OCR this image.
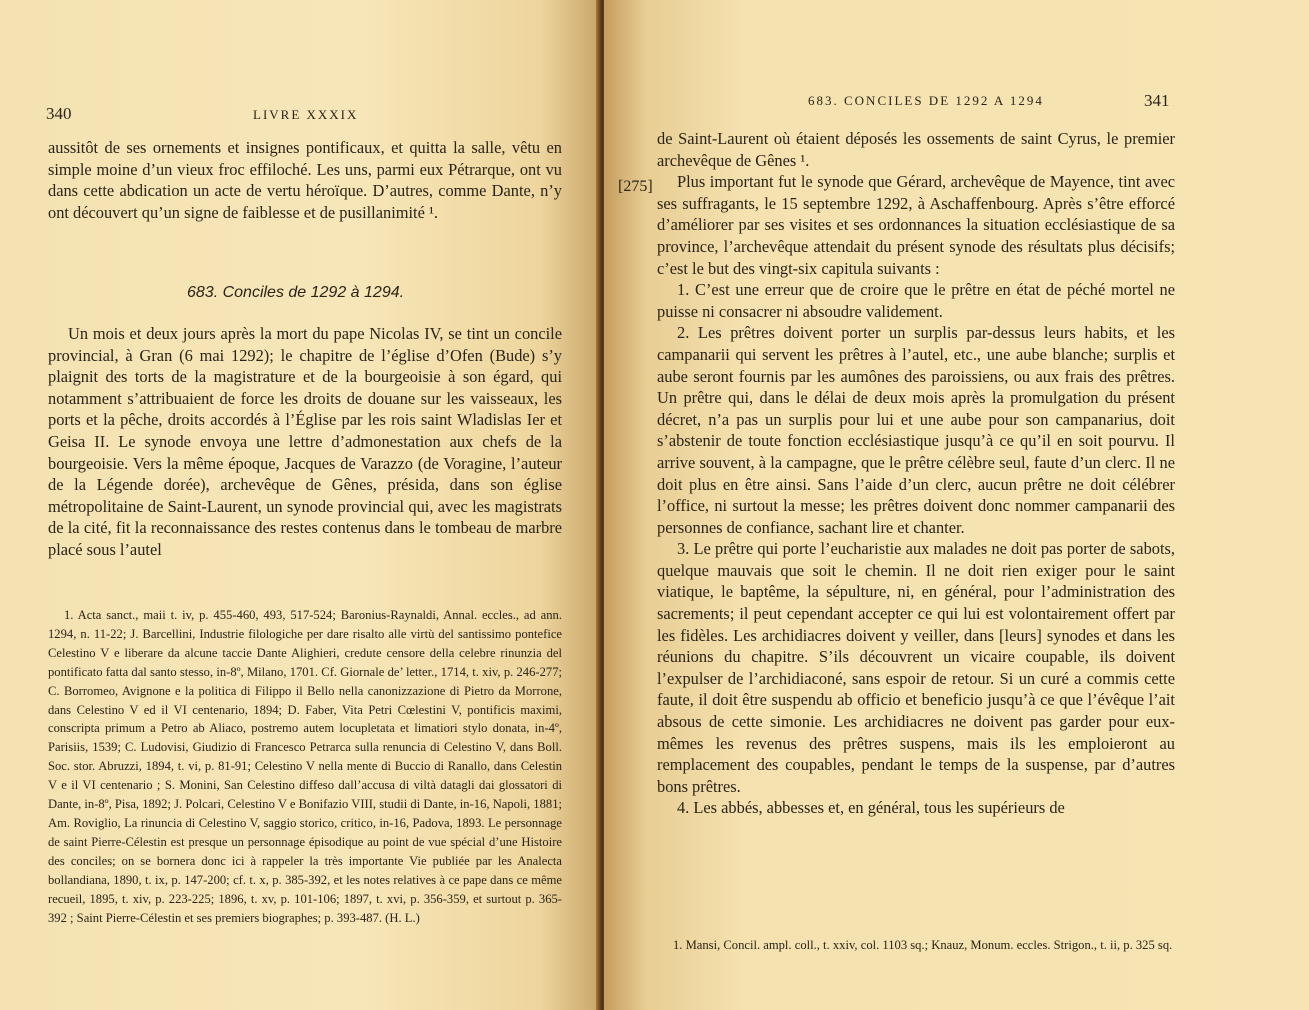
340	LIVRE XXXIX

aussitôt de ses ornements et insignes pontificaux, et quitta la salle, vêtu en simple moine d’un vieux froc effiloché. Les uns, parmi eux Pétrarque, ont vu dans cette abdication un acte de vertu héroïque. D’autres, comme Dante, n’y ont découvert qu’un signe de faiblesse et de pusillanimité ¹.

683. Conciles de 1292 à 1294.

Un mois et deux jours après la mort du pape Nicolas IV, se tint un concile provincial, à Gran (6 mai 1292); le chapitre de l’église d’Ofen (Bude) s’y plaignit des torts de la magistrature et de la bourgeoisie à son égard, qui notamment s’attribuaient de force les droits de douane sur les vaisseaux, les ports et la pêche, droits accordés à l’Église par les rois saint Wladislas Ier et Geisa II. Le synode envoya une lettre d’admonestation aux chefs de la bourgeoisie. Vers la même époque, Jacques de Varazzo (de Voragine, l’auteur de la Légende dorée), archevêque de Gênes, présida, dans son église métropolitaine de Saint-Laurent, un synode provincial qui, avec les magistrats de la cité, fit la reconnaissance des restes contenus dans le tombeau de marbre placé sous l’autel

1. Acta sanct., maii t. iv, p. 455-460, 493, 517-524; Baronius-Raynaldi, Annal. eccles., ad ann. 1294, n. 11-22; J. Barcellini, Industrie filologiche per dare risalto alle virtù del santissimo pontefice Celestino V e liberare da alcune taccie Dante Alighieri, credute censore della celebre rinunzia del pontificato fatta dal santo stesso, in-8º, Milano, 1701. Cf. Giornale de’ letter., 1714, t. xiv, p. 246-277; C. Borromeo, Avignone e la politica di Filippo il Bello nella canonizzazione di Pietro da Morrone, dans Celestino V ed il VI centenario, 1894; D. Faber, Vita Petri Cœlestini V, pontificis maximi, conscripta primum a Petro ab Aliaco, postremo autem locupletata et limatiori stylo donata, in-4º, Parisiis, 1539; C. Ludovisi, Giudizio di Francesco Petrarca sulla renuncia di Celestino V, dans Boll. Soc. stor. Abruzzi, 1894, t. vi, p. 81-91; Celestino V nella mente di Buccio di Ranallo, dans Celestin V e il VI centenario ; S. Monini, San Celestino diffeso dall’accusa di viltà datagli dai glossatori di Dante, in-8º, Pisa, 1892; J. Polcari, Celestino V e Bonifazio VIII, studii di Dante, in-16, Napoli, 1881; Am. Roviglio, La rinuncia di Celestino V, saggio storico, critico, in-16, Padova, 1893. Le personnage de saint Pierre-Célestin est presque un personnage épisodique au point de vue spécial d’une Histoire des conciles; on se bornera donc ici à rappeler la très importante Vie publiée par les Analecta bollandiana, 1890, t. ix, p. 147-200; cf. t. x, p. 385-392, et les notes relatives à ce pape dans ce même recueil, 1895, t. xiv, p. 223-225; 1896, t. xv, p. 101-106; 1897, t. xvi, p. 356-359, et surtout p. 365-392 ; Saint Pierre-Célestin et ses premiers biographes; p. 393-487. (H. L.)

683. CONCILES DE 1292 A 1294	341
[275]

de Saint-Laurent où étaient déposés les ossements de saint Cyrus, le premier archevêque de Gênes ¹.

Plus important fut le synode que Gérard, archevêque de Mayence, tint avec ses suffragants, le 15 septembre 1292, à Aschaffenbourg. Après s’être efforcé d’améliorer par ses visites et ses ordonnances la situation ecclésiastique de sa province, l’archevêque attendait du présent synode des résultats plus décisifs; c’est le but des vingt-six capitula suivants :

1. C’est une erreur que de croire que le prêtre en état de péché mortel ne puisse ni consacrer ni absoudre validement.

2. Les prêtres doivent porter un surplis par-dessus leurs habits, et les campanarii qui servent les prêtres à l’autel, etc., une aube blanche; surplis et aube seront fournis par les aumônes des paroissiens, ou aux frais des prêtres. Un prêtre qui, dans le délai de deux mois après la promulgation du présent décret, n’a pas un surplis pour lui et une aube pour son campanarius, doit s’abstenir de toute fonction ecclésiastique jusqu’à ce qu’il en soit pourvu. Il arrive souvent, à la campagne, que le prêtre célèbre seul, faute d’un clerc. Il ne doit plus en être ainsi. Sans l’aide d’un clerc, aucun prêtre ne doit célébrer l’office, ni surtout la messe; les prêtres doivent donc nommer campanarii des personnes de confiance, sachant lire et chanter.

3. Le prêtre qui porte l’eucharistie aux malades ne doit pas porter de sabots, quelque mauvais que soit le chemin. Il ne doit rien exiger pour le saint viatique, le baptême, la sépulture, ni, en général, pour l’administration des sacrements; il peut cependant accepter ce qui lui est volontairement offert par les fidèles. Les archidiacres doivent y veiller, dans [leurs] synodes et dans les réunions du chapitre. S’ils découvrent un vicaire coupable, ils doivent l’expulser de l’archidiaconé, sans espoir de retour. Si un curé a commis cette faute, il doit être suspendu ab officio et beneficio jusqu’à ce que l’évêque l’ait absous de cette simonie. Les archidiacres ne doivent pas garder pour eux-mêmes les revenus des prêtres suspens, mais ils les emploieront au remplacement des coupables, pendant le temps de la suspense, par d’autres bons prêtres.

4. Les abbés, abbesses et, en général, tous les supérieurs de

1. Mansi, Concil. ampl. coll., t. xxiv, col. 1103 sq.; Knauz, Monum. eccles. Strigon., t. ii, p. 325 sq.
